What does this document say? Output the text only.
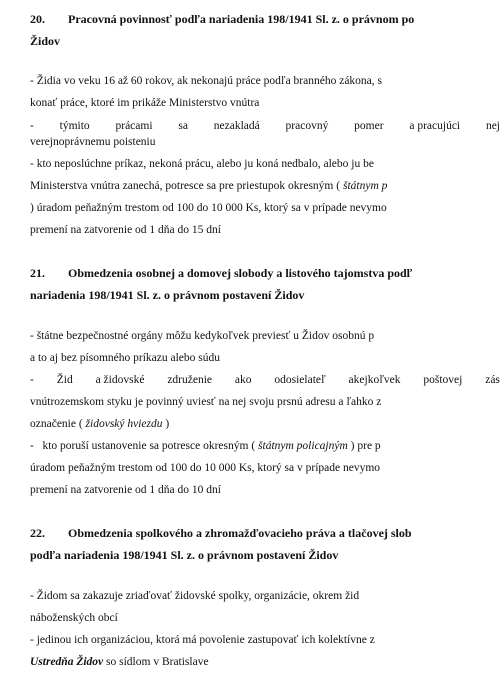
20. Pracovná povinnosť podľa nariadenia 198/1941 Sl. z. o právnom po
Židov
- Židia vo veku 16 až 60 rokov, ak nekonajú práce podľa branného zákona, s
konať práce, ktoré im prikáže Ministerstvo vnútra
- týmito prácami sa nezakladá pracovný pomer a pracujúci nej
verejnoprávnemu poisteniu
- kto neposlúchne príkaz, nekoná prácu, alebo ju koná nedbalo, alebo ju be
Ministerstva vnútra zanechá, potresce sa pre priestupok okresným ( štátnym p
) úradom peňažným trestom od 100 do 10 000 Ks, ktorý sa v prípade nevymo
premení na zatvorenie od 1 dňa do 15 dní
21. Obmedzenia osobnej a domovej slobody a listového tajomstva podľ
nariadenia 198/1941 Sl. z. o právnom postavení Židov
- štátne bezpečnostné orgány môžu kedykoľvek previesť u Židov osobnú p
a to aj bez písomného príkazu alebo súdu
- Žid a židovské združenie ako odosielateľ akejkoľvek poštovej zás
vnútrozemskom styku je povinný uviesť na nej svoju prsnú adresu a ľahko z
označenie ( židovský hviezdu )
-   kto poruší ustanovenie sa potresce okresným ( štátnym policajným ) pre p
úradom peňažným trestom od 100 do 10 000 Ks, ktorý sa v prípade nevymo
premení na zatvorenie od 1 dňa do 10 dní
22. Obmedzenia spolkového a zhromažďovacieho práva a tlačovej slob
podľa nariadenia 198/1941 Sl. z. o právnom postavení Židov
- Židom sa zakazuje zriaďovať židovské spolky, organizácie, okrem žid
náboženských obcí
- jedinou ich organizáciou, ktorá má povolenie zastupovať ich kolektívne z
Ustredňa Židov so sídlom v Bratislave
